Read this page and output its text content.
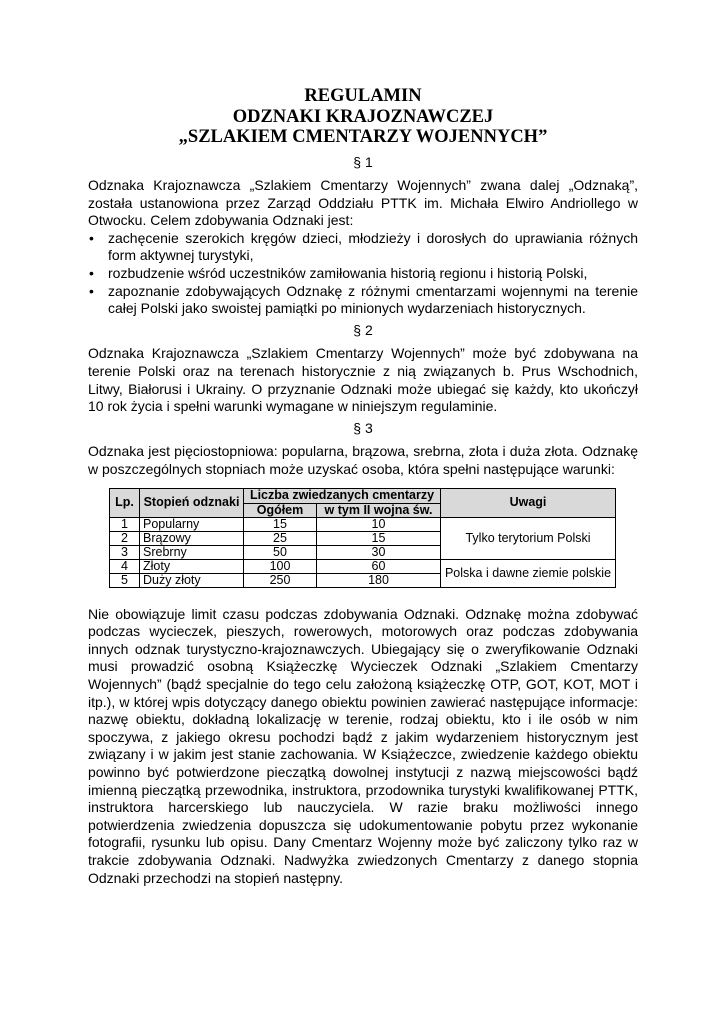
REGULAMIN
ODZNAKI KRAJOZNAWCZEJ
„SZLAKIEM CMENTARZY WOJENNYCH”
§ 1

Odznaka Krajoznawcza „Szlakiem Cmentarzy Wojennych” zwana dalej „Odznaką”, została ustanowiona przez Zarząd Oddziału PTTK im. Michała Elwiro Andriollego w Otwocku. Celem zdobywania Odznaki jest:

• zachęcenie szerokich kręgów dzieci, młodzieży i dorosłych do uprawiania różnych form aktywnej turystyki,
• rozbudzenie wśród uczestników zamiłowania historią regionu i historią Polski,
• zapoznanie zdobywających Odznakę z różnymi cmentarzami wojennymi na terenie całej Polski jako swoistej pamiątki po minionych wydarzeniach historycznych.
§ 2

Odznaka Krajoznawcza „Szlakiem Cmentarzy Wojennych” może być zdobywana na terenie Polski oraz na terenach historycznie z nią związanych b. Prus Wschodnich, Litwy, Białorusi i Ukrainy. O przyznanie Odznaki może ubiegać się każdy, kto ukończył 10 rok życia i spełni warunki wymagane w niniejszym regulaminie.

§ 3

Odznaka jest pięciostopniowa: popularna, brązowa, srebrna, złota i duża złota. Odznakę w poszczególnych stopniach może uzyskać osoba, która spełni następujące warunki:

Lp.	Stopień odznaki	Liczba zwiedzanych cmentarzy		Uwagi
		Ogółem	w tym II wojna św.	
1	Popularny	15	10	Tylko terytorium Polski
2	Brązowy	25	15	
3	Srebrny	50	30	
4	Złoty	100	60	Polska i dawne ziemie polskie
5	Duży złoty	250	180	

Nie obowiązuje limit czasu podczas zdobywania Odznaki. Odznakę można zdobywać podczas wycieczek, pieszych, rowerowych, motorowych oraz podczas zdobywania innych odznak turystyczno-krajoznawczych. Ubiegający się o zweryfikowanie Odznaki musi prowadzić osobną Książeczkę Wycieczek Odznaki „Szlakiem Cmentarzy Wojennych” (bądź specjalnie do tego celu założoną książeczkę OTP, GOT, KOT, MOT i itp.), w której wpis dotyczący danego obiektu powinien zawierać następujące informacje: nazwę obiektu, dokładną lokalizację w terenie, rodzaj obiektu, kto i ile osób w nim spoczywa, z jakiego okresu pochodzi bądź z jakim wydarzeniem historycznym jest związany i w jakim jest stanie zachowania. W Książeczce, zwiedzenie każdego obiektu powinno być potwierdzone pieczątką dowolnej instytucji z nazwą miejscowości bądź imienną pieczątką przewodnika, instruktora, przodownika turystyki kwalifikowanej PTTK, instruktora harcerskiego lub nauczyciela. W razie braku możliwości innego potwierdzenia zwiedzenia dopuszcza się udokumentowanie pobytu przez wykonanie fotografii, rysunku lub opisu. Dany Cmentarz Wojenny może być zaliczony tylko raz w trakcie zdobywania Odznaki. Nadwyżka zwiedzonych Cmentarzy z danego stopnia Odznaki przechodzi na stopień następny.
